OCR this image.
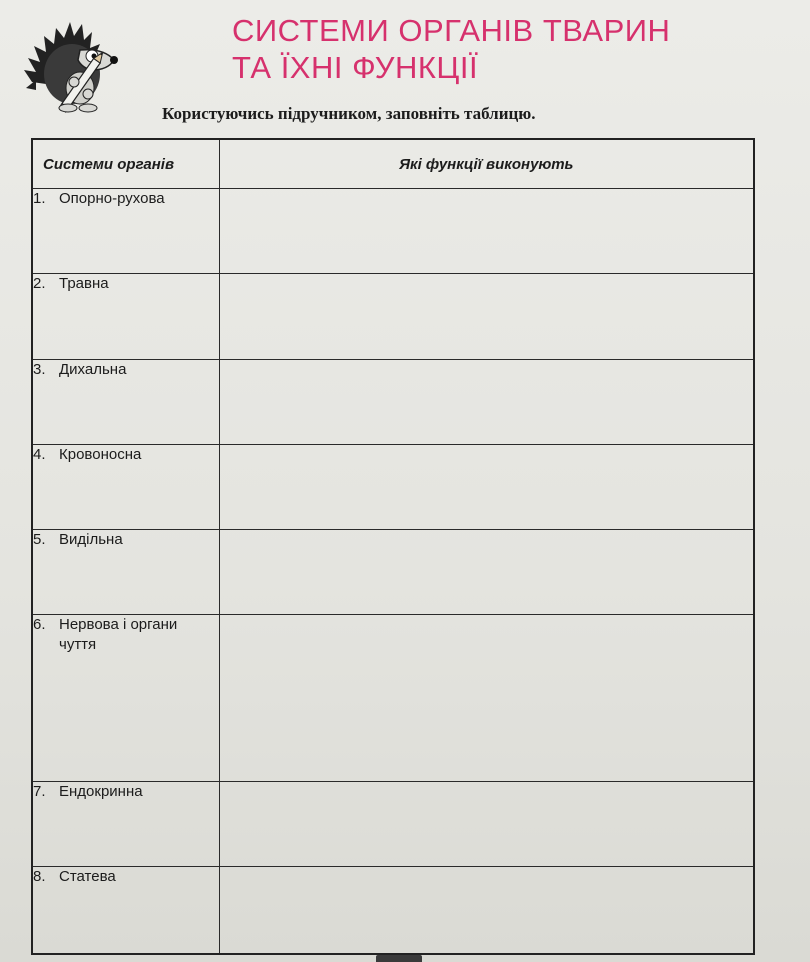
СИСТЕМИ ОРГАНІВ ТВАРИН
ТА ЇХНІ ФУНКЦІЇ
Користуючись підручником, заповніть таблицю.
Системи органів	Які функції виконують
1. Опорно-рухова	
2. Травна	
3. Дихальна	
4. Кровоносна	
5. Видільна	
6. Нервова і органи чуття	
7. Ендокринна	
8. Статева	
